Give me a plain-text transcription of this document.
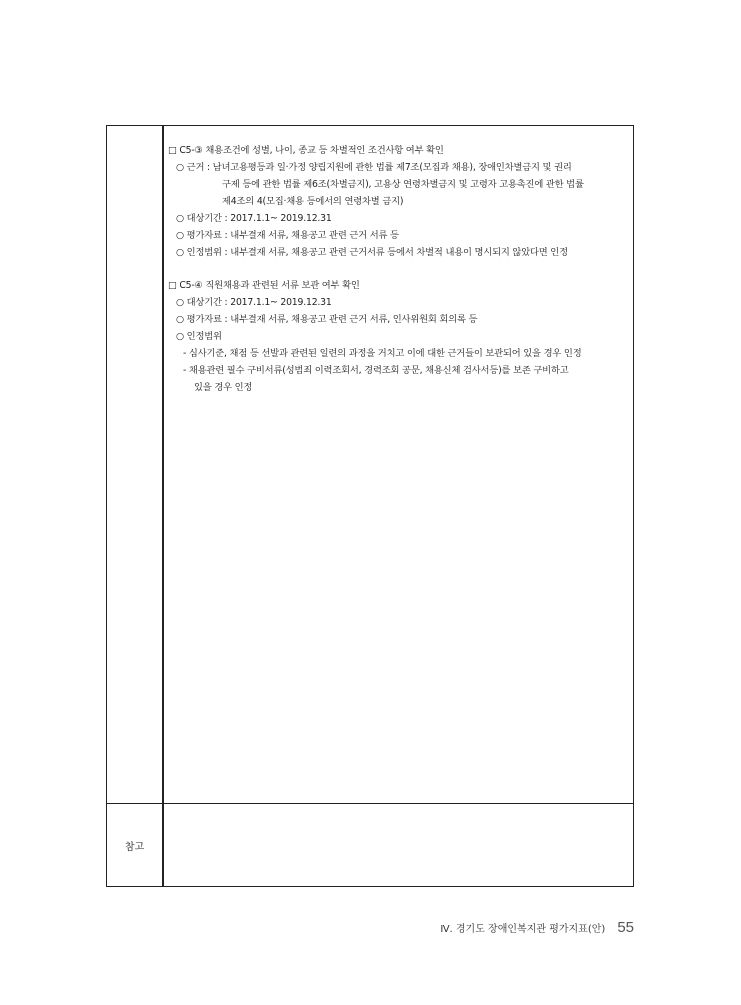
□ C5-③ 채용조건에 성별, 나이, 종교 등 차별적인 조건사항 여부 확인
○ 근거 : 남녀고용평등과 일·가정 양립지원에 관한 법률 제7조(모집과 채용), 장애인차별금지 및 권리
구제 등에 관한 법률 제6조(차별금지), 고용상 연령차별금지 및 고령자 고용촉진에 관한 법률
제4조의 4(모집·채용 등에서의 연령차별 금지)
○ 대상기간 : 2017.1.1~ 2019.12.31
○ 평가자료 : 내부결재 서류, 채용공고 관련 근거 서류 등
○ 인정범위 : 내부결재 서류, 채용공고 관련 근거서류 등에서 차별적 내용이 명시되지 않았다면 인정
□ C5-④ 직원채용과 관련된 서류 보관 여부 확인
○ 대상기간 : 2017.1.1~ 2019.12.31
○ 평가자료 : 내부결재 서류, 채용공고 관련 근거 서류, 인사위원회 회의록 등
○ 인정범위
- 심사기준, 채점 등 선발과 관련된 일련의 과정을 거치고 이에 대한 근거들이 보관되어 있을 경우 인정
- 채용관련 필수 구비서류(성범죄 이력조회서, 경력조회 공문, 채용신체 검사서등)를 보존 구비하고
있을 경우 인정
참고
Ⅳ. 경기도 장애인복지관 평가지표(안) 55
